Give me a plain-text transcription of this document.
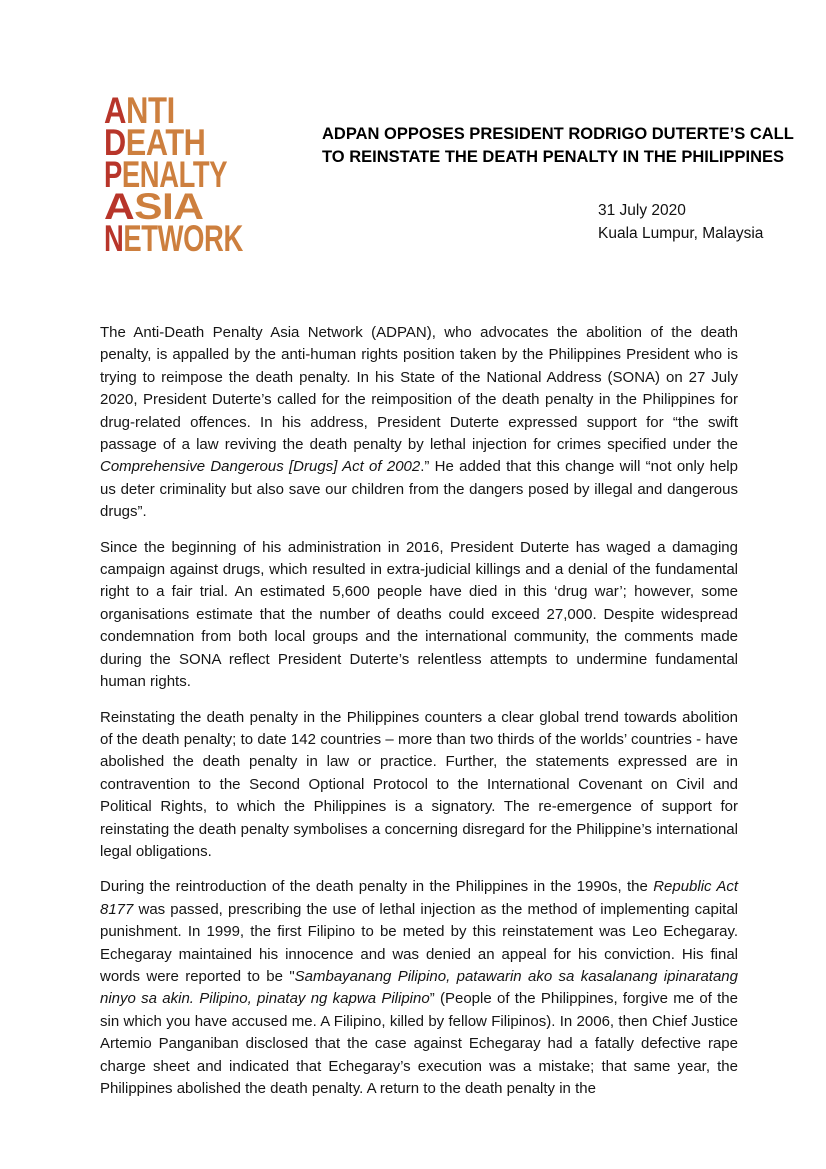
ANTI
DEATH
PENALTY
ASIA
NETWORK
ADPAN OPPOSES PRESIDENT RODRIGO DUTERTE’S CALL
TO REINSTATE THE DEATH PENALTY IN THE PHILIPPINES
31 July 2020
Kuala Lumpur, Malaysia

The Anti-Death Penalty Asia Network (ADPAN), who advocates the abolition of the death penalty, is appalled by the anti-human rights position taken by the Philippines President who is trying to reimpose the death penalty. In his State of the National Address (SONA) on 27 July 2020, President Duterte’s called for the reimposition of the death penalty in the Philippines for drug-related offences. In his address, President Duterte expressed support for “the swift passage of a law reviving the death penalty by lethal injection for crimes specified under the Comprehensive Dangerous [Drugs] Act of 2002.” He added that this change will “not only help us deter criminality but also save our children from the dangers posed by illegal and dangerous drugs”.

Since the beginning of his administration in 2016, President Duterte has waged a damaging campaign against drugs, which resulted in extra-judicial killings and a denial of the fundamental right to a fair trial. An estimated 5,600 people have died in this ‘drug war’; however, some organisations estimate that the number of deaths could exceed 27,000. Despite widespread condemnation from both local groups and the international community, the comments made during the SONA reflect President Duterte’s relentless attempts to undermine fundamental human rights.

Reinstating the death penalty in the Philippines counters a clear global trend towards abolition of the death penalty; to date 142 countries – more than two thirds of the worlds’ countries - have abolished the death penalty in law or practice. Further, the statements expressed are in contravention to the Second Optional Protocol to the International Covenant on Civil and Political Rights, to which the Philippines is a signatory. The re-emergence of support for reinstating the death penalty symbolises a concerning disregard for the Philippine’s international legal obligations.

During the reintroduction of the death penalty in the Philippines in the 1990s, the Republic Act 8177 was passed, prescribing the use of lethal injection as the method of implementing capital punishment. In 1999, the first Filipino to be meted by this reinstatement was Leo Echegaray. Echegaray maintained his innocence and was denied an appeal for his conviction. His final words were reported to be "Sambayanang Pilipino, patawarin ako sa kasalanang ipinaratang ninyo sa akin. Pilipino, pinatay ng kapwa Pilipino” (People of the Philippines, forgive me of the sin which you have accused me. A Filipino, killed by fellow Filipinos). In 2006, then Chief Justice Artemio Panganiban disclosed that the case against Echegaray had a fatally defective rape charge sheet and indicated that Echegaray’s execution was a mistake; that same year, the Philippines abolished the death penalty. A return to the death penalty in the
